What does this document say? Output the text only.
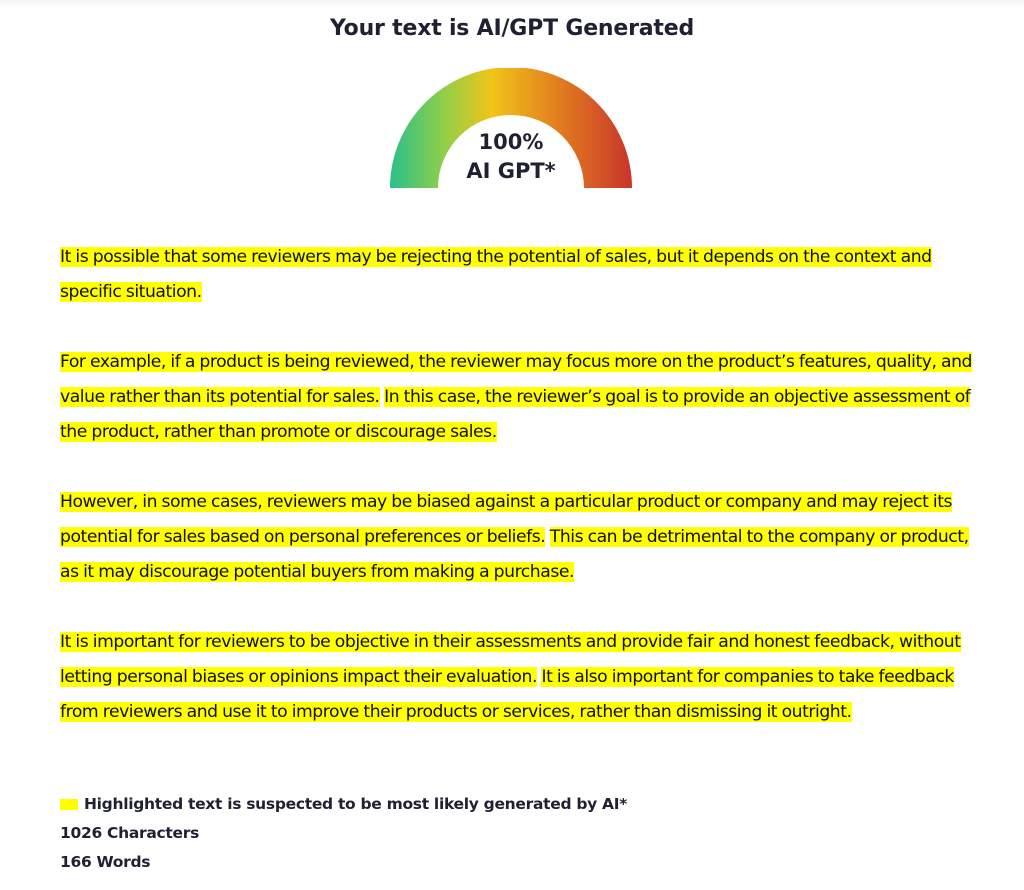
Your text is AI/GPT Generated
100%
AI GPT*

It is possible that some reviewers may be rejecting the potential of sales, but it depends on the context and specific situation.

For example, if a product is being reviewed, the reviewer may focus more on the product’s features, quality, and value rather than its potential for sales. In this case, the reviewer’s goal is to provide an objective assessment of the product, rather than promote or discourage sales.

However, in some cases, reviewers may be biased against a particular product or company and may reject its potential for sales based on personal preferences or beliefs. This can be detrimental to the company or product, as it may discourage potential buyers from making a purchase.

It is important for reviewers to be objective in their assessments and provide fair and honest feedback, without letting personal biases or opinions impact their evaluation. It is also important for companies to take feedback from reviewers and use it to improve their products or services, rather than dismissing it outright.

Highlighted text is suspected to be most likely generated by AI*
1026 Characters
166 Words
